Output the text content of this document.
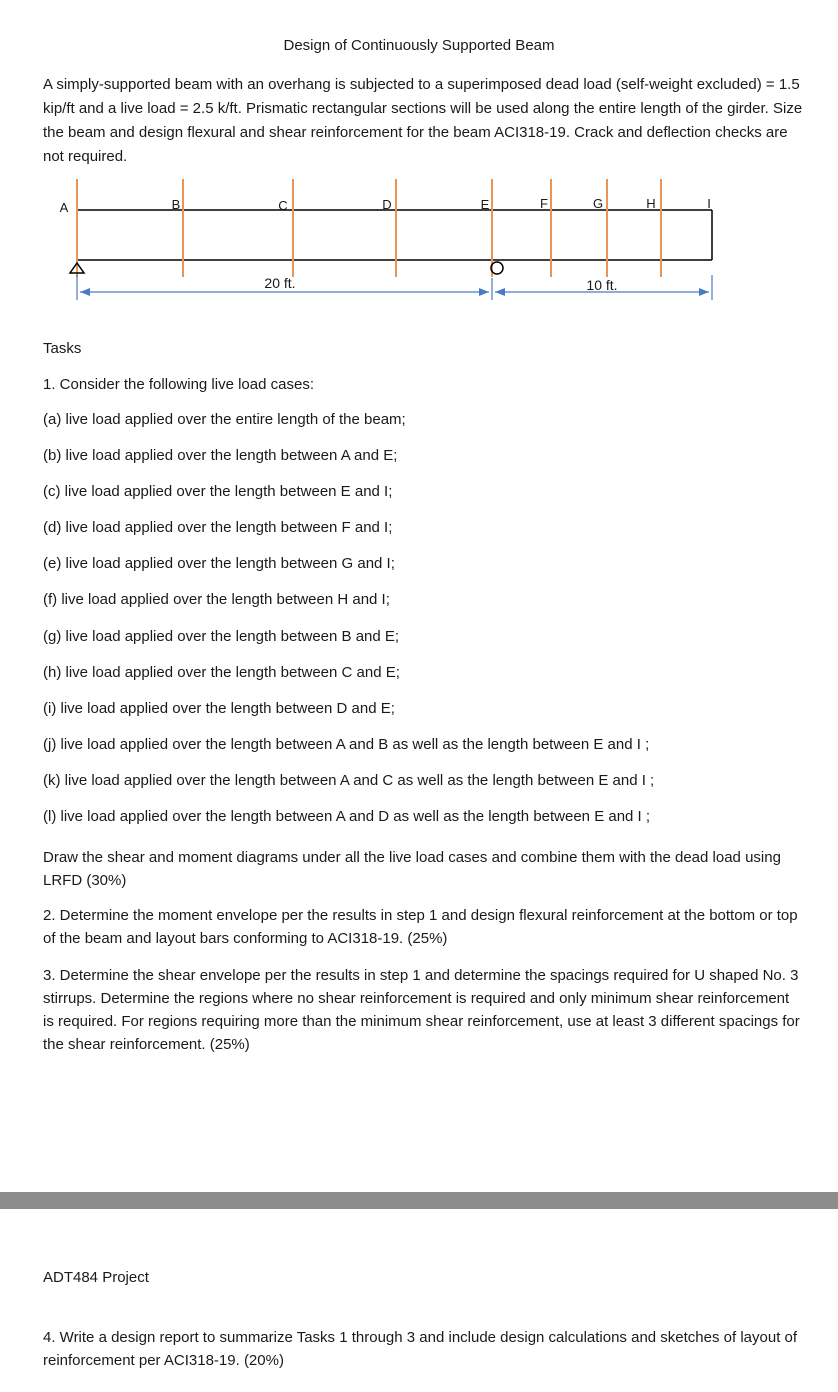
Design of Continuously Supported Beam

A simply-supported beam with an overhang is subjected to a superimposed dead load (self-weight excluded) = 1.5 kip/ft and a live load = 2.5 k/ft. Prismatic rectangular sections will be used along the entire length of the girder. Size the beam and design flexural and shear reinforcement for the beam ACI318-19. Crack and deflection checks are not required.

A	B	C	D	E	F	G	H	I
20 ft.	10 ft.
Tasks
1. Consider the following live load cases:
(a) live load applied over the entire length of the beam;
(b) live load applied over the length between A and E;
(c) live load applied over the length between E and I;
(d) live load applied over the length between F and I;
(e) live load applied over the length between G and I;
(f) live load applied over the length between H and I;
(g) live load applied over the length between B and E;
(h) live load applied over the length between C and E;
(i) live load applied over the length between D and E;
(j) live load applied over the length between A and B as well as the length between E and I ;
(k) live load applied over the length between A and C as well as the length between E and I ;
(l) live load applied over the length between A and D as well as the length between E and I ;

Draw the shear and moment diagrams under all the live load cases and combine them with the dead load using LRFD (30%)

2. Determine the moment envelope per the results in step 1 and design flexural reinforcement at the bottom or top of the beam and layout bars conforming to ACI318-19. (25%)

3. Determine the shear envelope per the results in step 1 and determine the spacings required for U shaped No. 3 stirrups. Determine the regions where no shear reinforcement is required and only minimum shear reinforcement is required. For regions requiring more than the minimum shear reinforcement, use at least 3 different spacings for the shear reinforcement. (25%)

ADT484 Project

4. Write a design report to summarize Tasks 1 through 3 and include design calculations and sketches of layout of reinforcement per ACI318-19. (20%)
